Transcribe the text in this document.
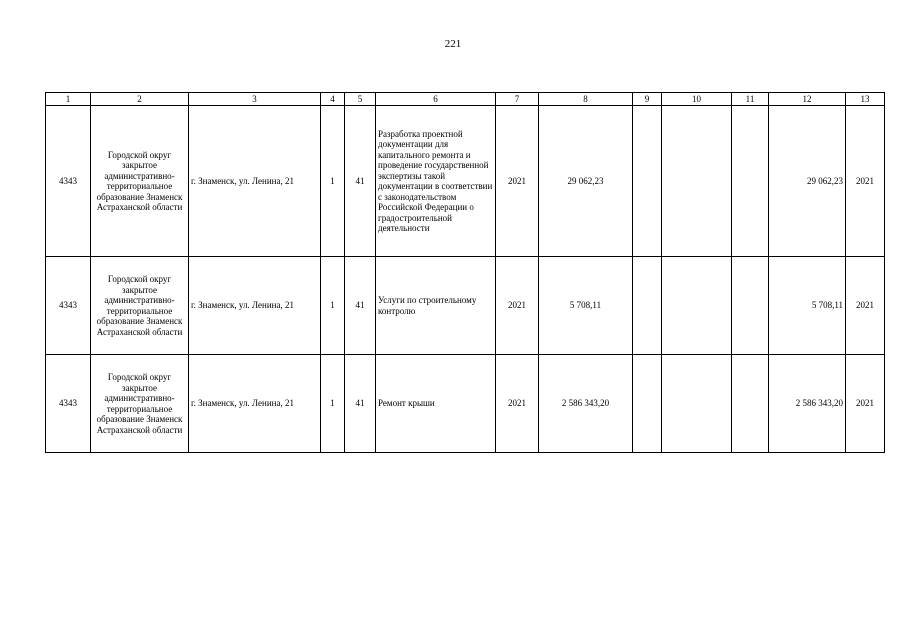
221
1	2	3	4	5	6	7	8	9	10	11	12	13
4343	Городской округ закрытое административно-территориальное образование Знаменск Астраханской области	г. Знаменск, ул. Ленина, 21	1	41	Разработка проектной документации для капитального ремонта и проведение государственной экспертизы такой документации в соответствии с законодательством Российской Федерации о градостроительной деятельности	2021	29 062,23				29 062,23	2021
4343	Городской округ закрытое административно-территориальное образование Знаменск Астраханской области	г. Знаменск, ул. Ленина, 21	1	41	Услуги по строительному контролю	2021	5 708,11				5 708,11	2021
4343	Городской округ закрытое административно-территориальное образование Знаменск Астраханской области	г. Знаменск, ул. Ленина, 21	1	41	Ремонт крыши	2021	2 586 343,20				2 586 343,20	2021
